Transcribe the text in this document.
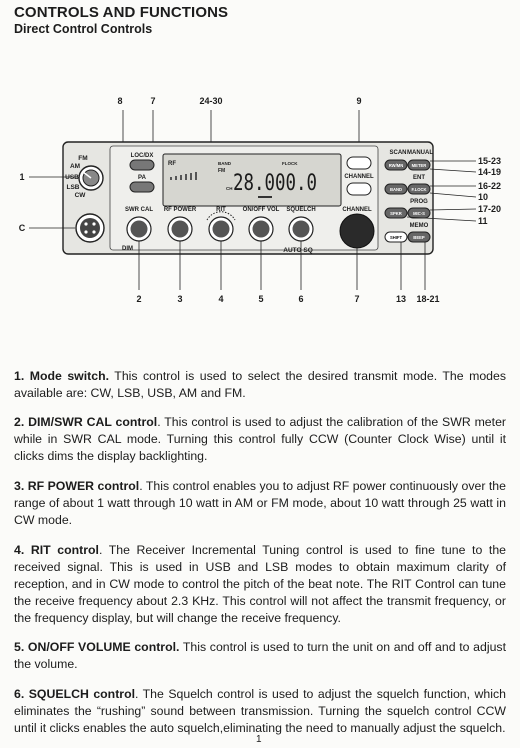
CONTROLS AND FUNCTIONS
Direct Control Controls
8	7	24-30	9
FM
AM
USB
LSB
CW
1
C
LOC/DX
PA
RF	BAND
FM
FLOCK
CH 28.000.0	CHANNEL
SWR CAL RF POWER	RIT	ON/OFF VOL SQUELCH	CHANNEL
DIM	AUTO SQ
SCAN MANUAL
RW/MN METER
ENT
BAND F.LOCK
PROG
SPKR	MIC-S
MEMO
SHIFT	BEEP
15-23
14-19
16-22
10
17-20
11
2	3	4	5	6	7	13 18-21
1. Mode switch. This control is used to select the desired transmit mode. The modes available are: CW, LSB, USB, AM and FM.
2. DIM/SWR CAL control. This control is used to adjust the calibration of the SWR meter while in SWR CAL mode. Turning this control fully CCW (Counter Clock Wise) until it clicks dims the display backlighting.
3. RF POWER control. This control enables you to adjust RF power continuously over the range of about 1 watt through 10 watt in AM or FM mode, about 10 watt through 25 watt in CW mode.
4. RIT control. The Receiver Incremental Tuning control is used to fine tune to the received signal. This is used in USB and LSB modes to obtain maximum clarity of reception, and in CW mode to control the pitch of the beat note. The RIT Control can tune the receive frequency about 2.3 KHz. This control will not affect the transmit frequency, or the frequency display, but will change the receive frequency.
5. ON/OFF VOLUME control. This control is used to turn the unit on and off and to adjust the volume.
6. SQUELCH control. The Squelch control is used to adjust the squelch function, which eliminates the “rushing” sound between transmission. Turning the squelch control CCW until it clicks enables the auto squelch,eliminating the need to manually adjust the squelch.
1
